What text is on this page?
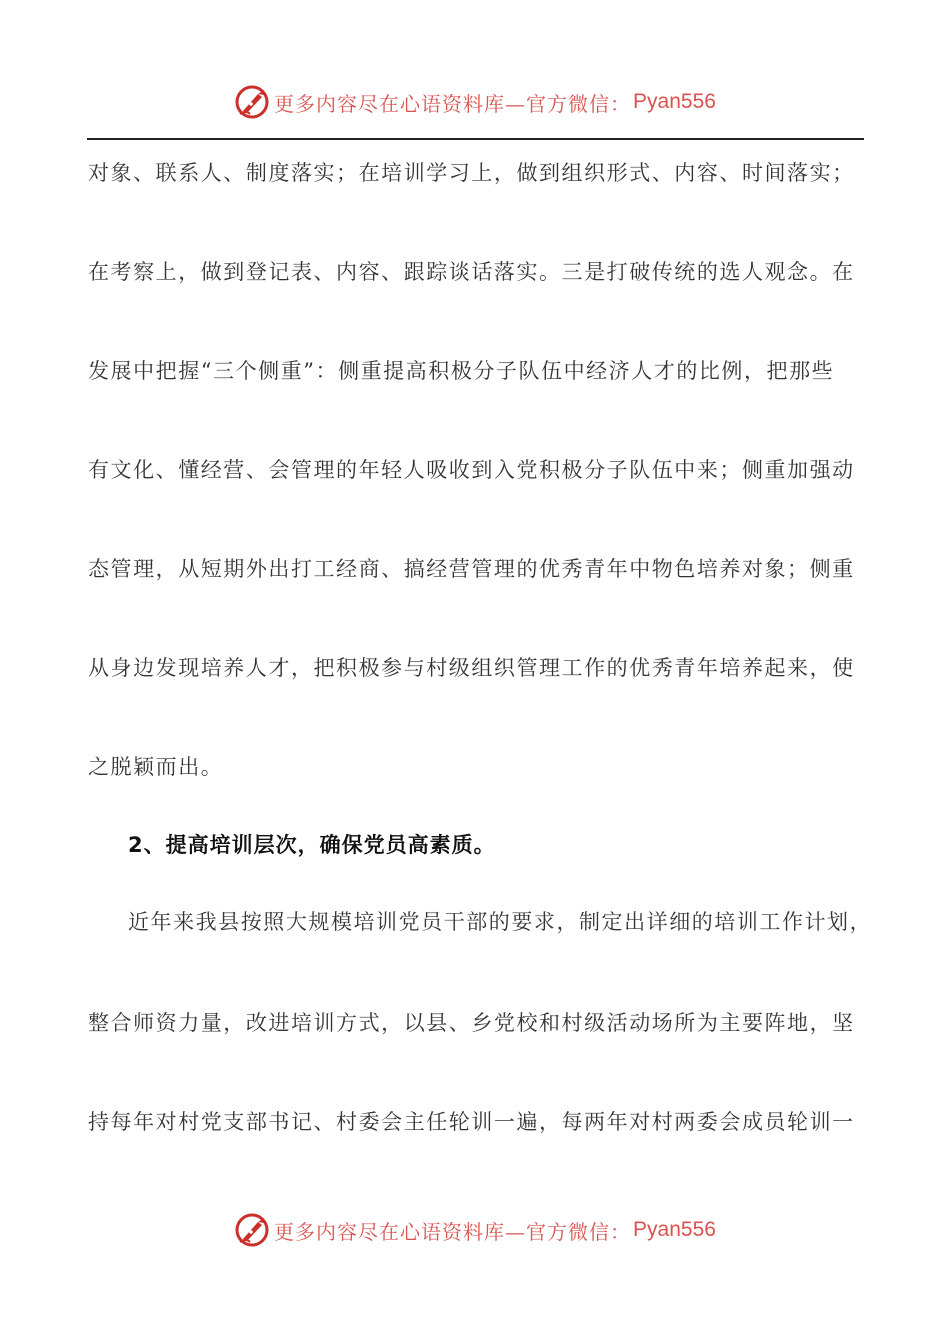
更多内容尽在心语资料库—官方微信： Pyan556
对象、联系人、制度落实；在培训学习上，做到组织形式、内容、时间落实；
在考察上，做到登记表、内容、跟踪谈话落实。三是打破传统的选人观念。在
发展中把握“三个侧重”：侧重提高积极分子队伍中经济人才的比例，把那些
有文化、懂经营、会管理的年轻人吸收到入党积极分子队伍中来；侧重加强动
态管理，从短期外出打工经商、搞经营管理的优秀青年中物色培养对象；侧重
从身边发现培养人才，把积极参与村级组织管理工作的优秀青年培养起来，使
之脱颖而出。
2、提高培训层次，确保党员高素质。
近年来我县按照大规模培训党员干部的要求，制定出详细的培训工作计划，
整合师资力量，改进培训方式，以县、乡党校和村级活动场所为主要阵地，坚
持每年对村党支部书记、村委会主任轮训一遍，每两年对村两委会成员轮训一
更多内容尽在心语资料库—官方微信： Pyan556
